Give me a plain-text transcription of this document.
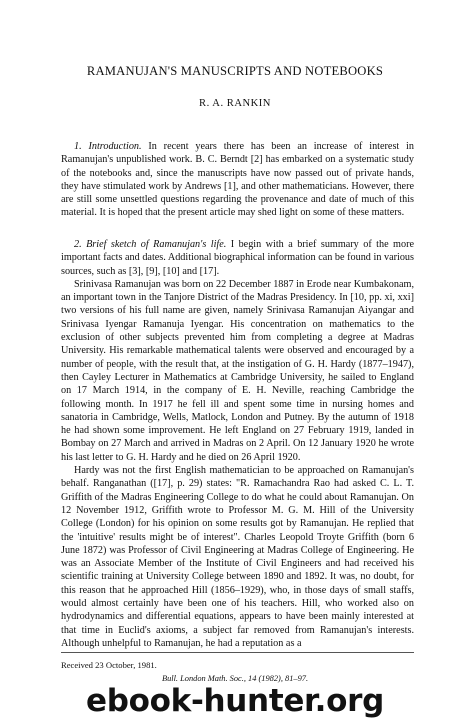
RAMANUJAN'S MANUSCRIPTS AND NOTEBOOKS
R. A. RANKIN

1. Introduction. In recent years there has been an increase of interest in Ramanujan's unpublished work. B. C. Berndt [2] has embarked on a systematic study of the notebooks and, since the manuscripts have now passed out of private hands, they have stimulated work by Andrews [1], and other mathematicians. However, there are still some unsettled questions regarding the provenance and date of much of this material. It is hoped that the present article may shed light on some of these matters.

2. Brief sketch of Ramanujan's life. I begin with a brief summary of the more important facts and dates. Additional biographical information can be found in various sources, such as [3], [9], [10] and [17].

Srinivasa Ramanujan was born on 22 December 1887 in Erode near Kumbakonam, an important town in the Tanjore District of the Madras Presidency. In [10, pp. xi, xxi] two versions of his full name are given, namely Srinivasa Ramanujan Aiyangar and Srinivasa Iyengar Ramanuja Iyengar. His concentration on mathematics to the exclusion of other subjects prevented him from completing a degree at Madras University. His remarkable mathematical talents were observed and encouraged by a number of people, with the result that, at the instigation of G. H. Hardy (1877–1947), then Cayley Lecturer in Mathematics at Cambridge University, he sailed to England on 17 March 1914, in the company of E. H. Neville, reaching Cambridge the following month. In 1917 he fell ill and spent some time in nursing homes and sanatoria in Cambridge, Wells, Matlock, London and Putney. By the autumn of 1918 he had shown some improvement. He left England on 27 February 1919, landed in Bombay on 27 March and arrived in Madras on 2 April. On 12 January 1920 he wrote his last letter to G. H. Hardy and he died on 26 April 1920.

Hardy was not the first English mathematician to be approached on Ramanujan's behalf. Ranganathan ([17], p. 29) states: "R. Ramachandra Rao had asked C. L. T. Griffith of the Madras Engineering College to do what he could about Ramanujan. On 12 November 1912, Griffith wrote to Professor M. G. M. Hill of the University College (London) for his opinion on some results got by Ramanujan. He replied that the 'intuitive' results might be of interest". Charles Leopold Troyte Griffith (born 6 June 1872) was Professor of Civil Engineering at Madras College of Engineering. He was an Associate Member of the Institute of Civil Engineers and had received his scientific training at University College between 1890 and 1892. It was, no doubt, for this reason that he approached Hill (1856–1929), who, in those days of small staffs, would almost certainly have been one of his teachers. Hill, who worked also on hydrodynamics and differential equations, appears to have been mainly interested at that time in Euclid's axioms, a subject far removed from Ramanujan's interests. Although unhelpful to Ramanujan, he had a reputation as a

Received 23 October, 1981.
Bull. London Math. Soc., 14 (1982), 81–97.
ebook-hunter.org
